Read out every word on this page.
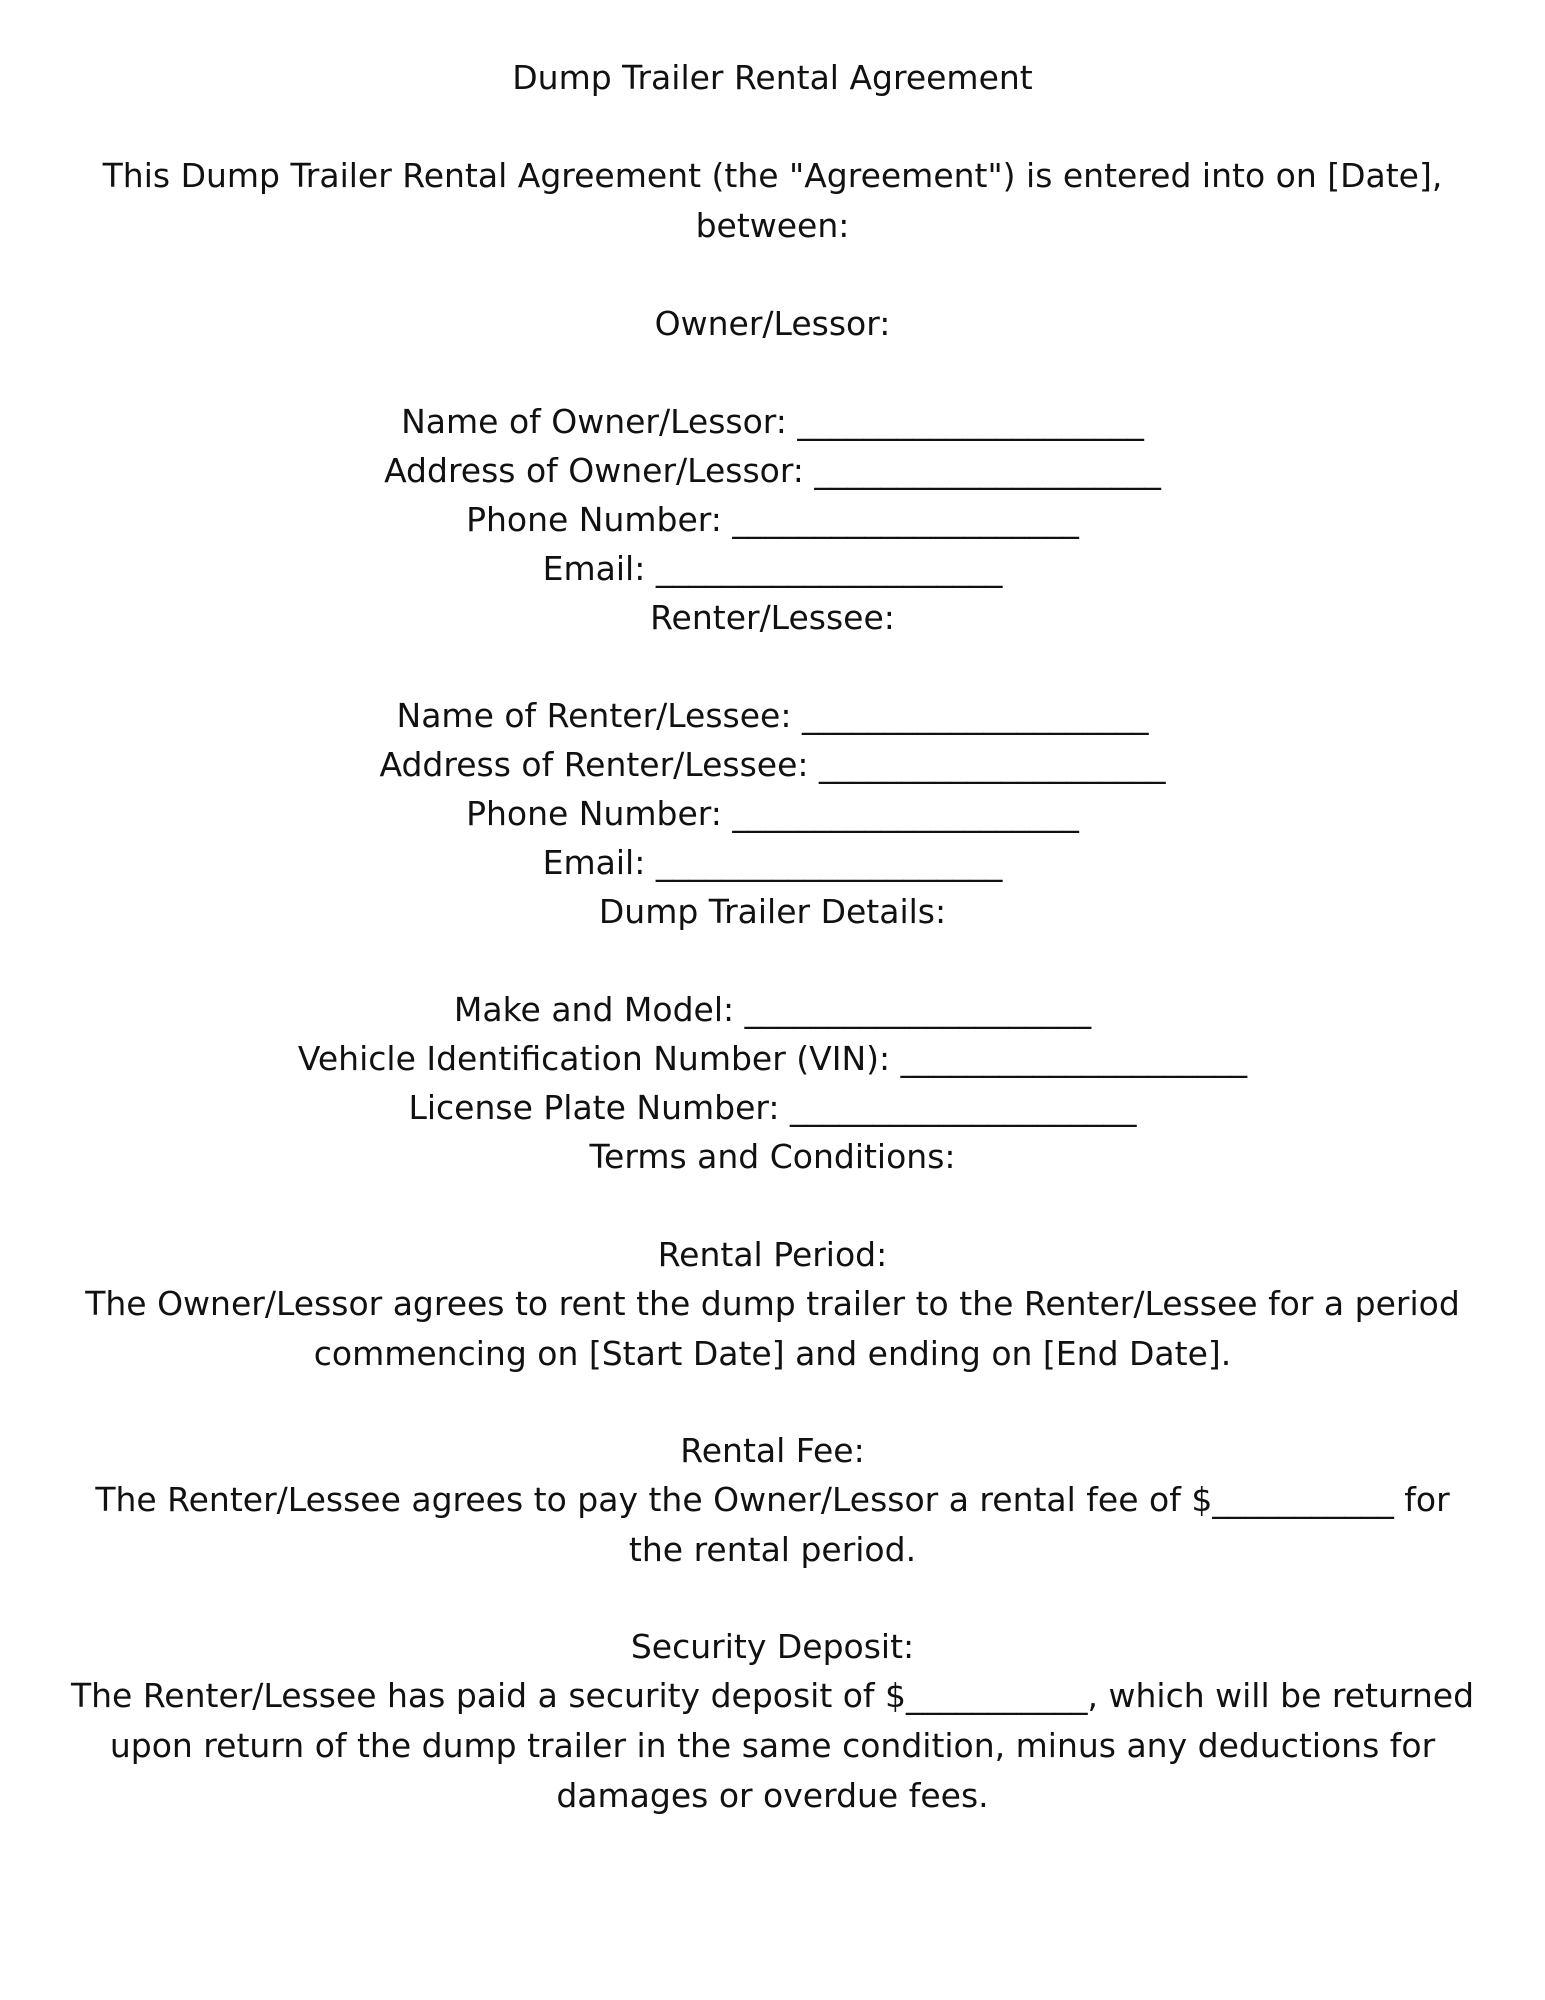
Dump Trailer Rental Agreement

This Dump Trailer Rental Agreement (the "Agreement") is entered into on [Date], between:

Owner/Lessor:
Name of Owner/Lessor: _____________________
Address of Owner/Lessor: _____________________
Phone Number: _____________________
Email: _____________________
Renter/Lessee:
Name of Renter/Lessee: _____________________
Address of Renter/Lessee: _____________________
Phone Number: _____________________
Email: _____________________
Dump Trailer Details:
Make and Model: _____________________
Vehicle Identification Number (VIN): _____________________
License Plate Number: _____________________
Terms and Conditions:
Rental Period:

The Owner/Lessor agrees to rent the dump trailer to the Renter/Lessee for a period commencing on [Start Date] and ending on [End Date].

Rental Fee:

The Renter/Lessee agrees to pay the Owner/Lessor a rental fee of $___________ for the rental period.

Security Deposit:

The Renter/Lessee has paid a security deposit of $___________, which will be returned upon return of the dump trailer in the same condition, minus any deductions for damages or overdue fees.
